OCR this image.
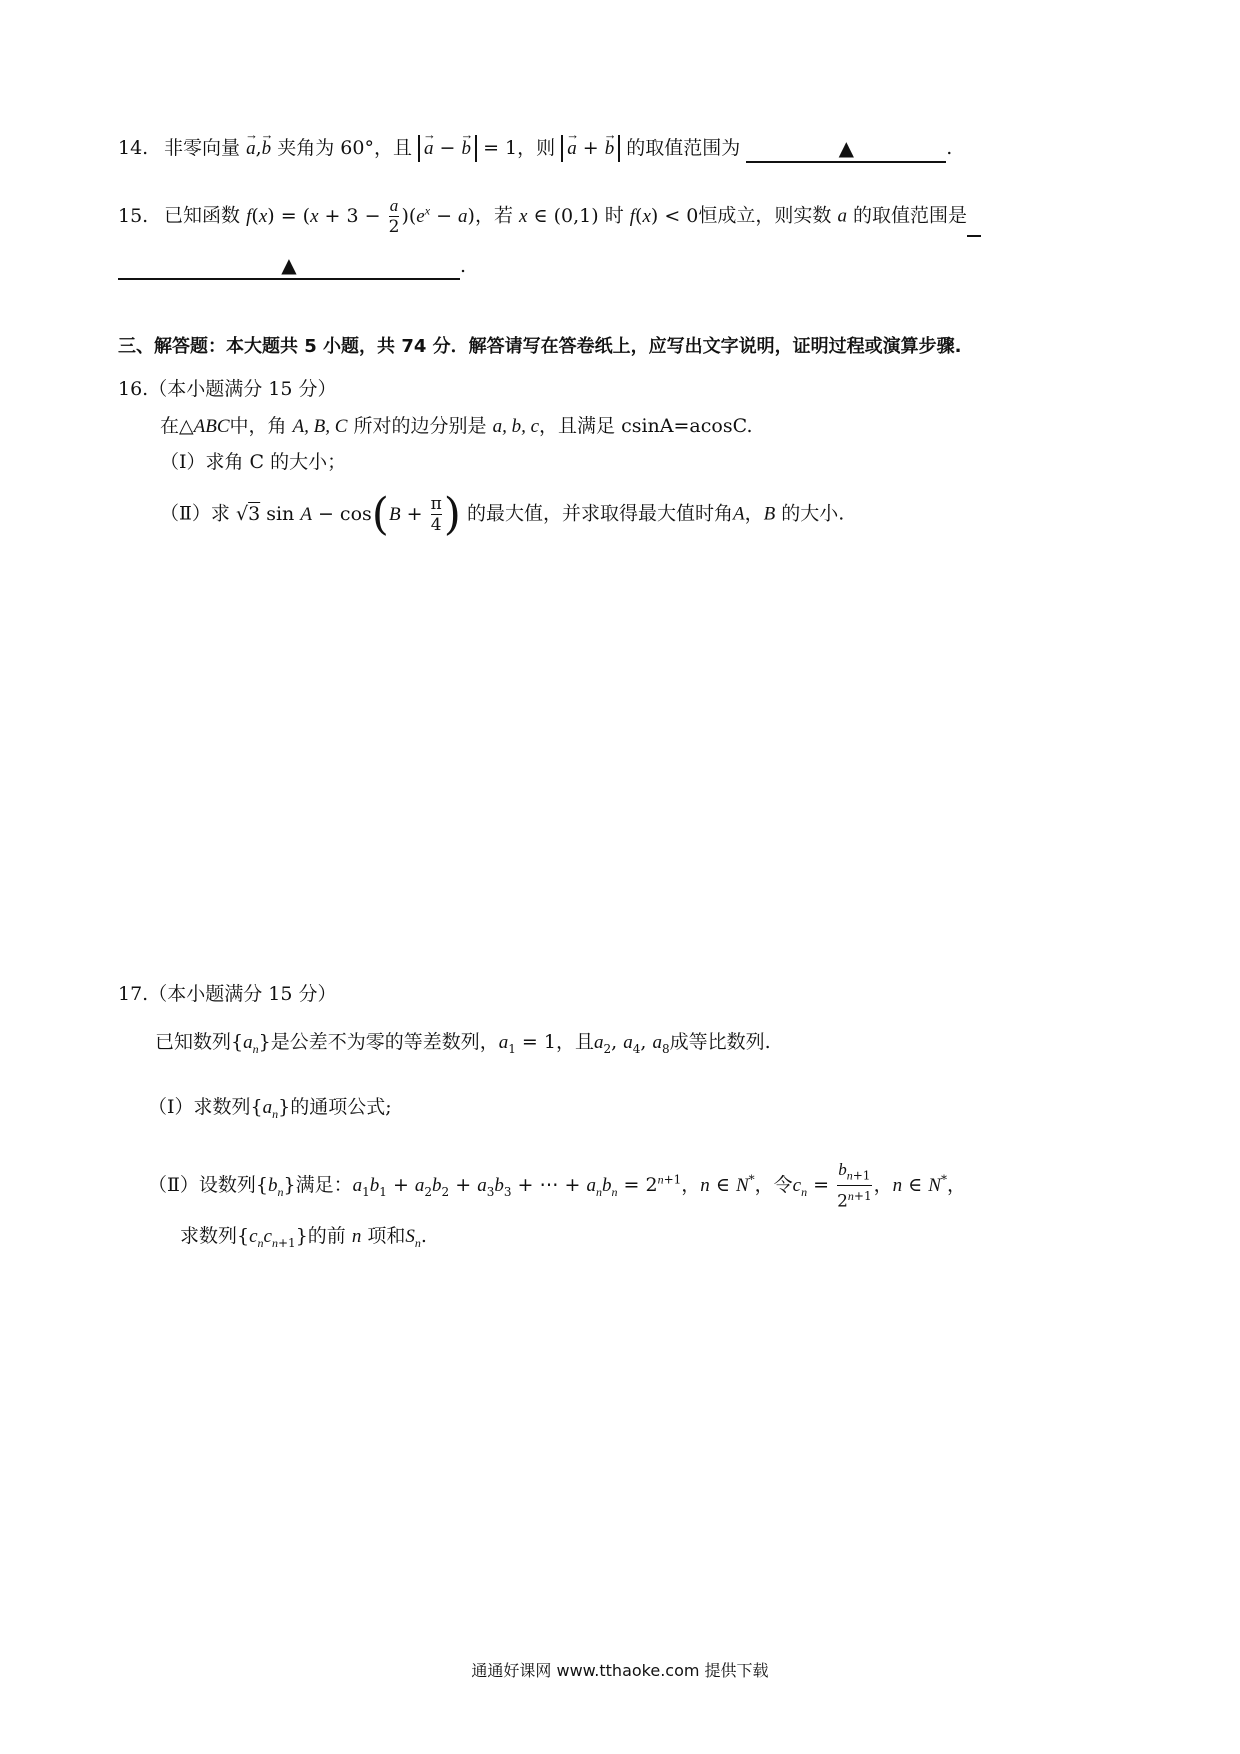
14. 非零向量 → a,→ b 夹角为 60°，且 → a − → b = 1，则 → a + → b 的取值范围为	▲	.
15. 已知函数 $f(x) = (x + 3 - \frac{a}{2} )(e^x - a)$，若 x ∈ (0,1) 时 f(x) < 0恒成立，则实数 a 的取值范围是
▲	.
三、解答题：本大题共 5 小题，共 74 分．解答请写在答卷纸上，应写出文字说明，证明过程或演算步骤.
16.（本小题满分 15 分）
在△ABC中，角 A, B, C 所对的边分别是 a, b, c，且满足 csinA=acosC.
（Ⅰ）求角 C 的大小；
（Ⅱ）求 √3 $\sin A - \cos(B + \frac{\pi}{4}$ ) 的最大值，并求取得最大值时角A，B 的大小.
17.（本小题满分 15 分）
已知数列$\{a_n\}$是公差不为零的等差数列，$a_1 = 1$，且$a_2$, $a_4$, $a_8$成等比数列.
（Ⅰ）求数列$\{a_n\}$的通项公式;
（Ⅱ）设数列$\{b_n\}$满足：$a_1b_1 + a_2b_2 + a_3b_3$ + ⋯ + $a_nb_n = 2^{n+1}$，n ∈ N*，令$c_n = \frac{b_{n+1}}{2^{n+1}}$ ，n ∈ N*，
求数列$\{c_nc_{n+1}\}$的前 n 项和$S_n$.
通通好课网 www.tthaoke.com 提供下载
